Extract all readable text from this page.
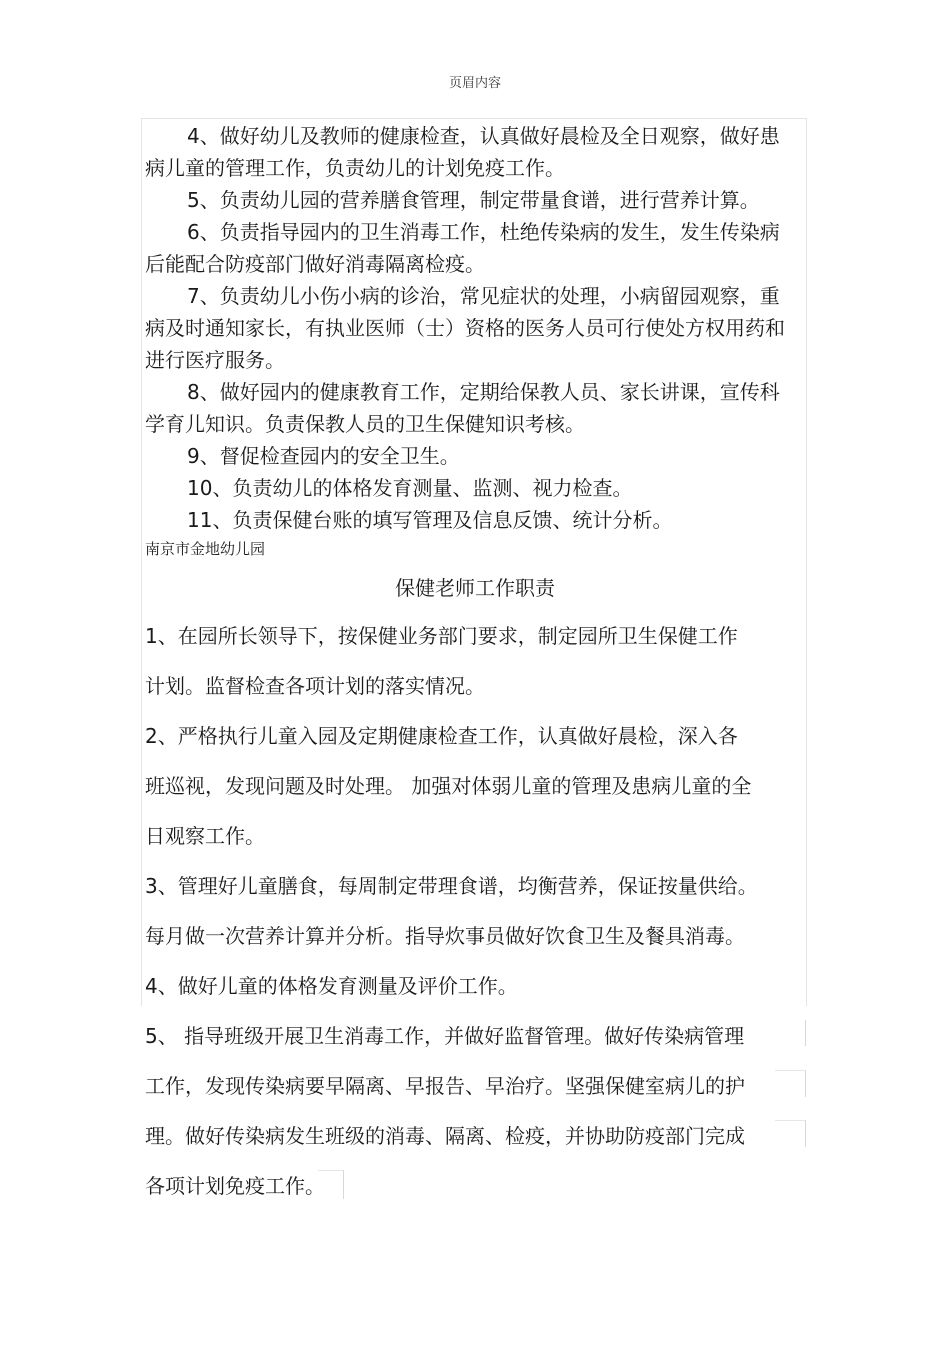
页眉内容

4、做好幼儿及教师的健康检查，认真做好晨检及全日观察，做好患病儿童的管理工作，负责幼儿的计划免疫工作。

5、负责幼儿园的营养膳食管理，制定带量食谱，进行营养计算。

6、负责指导园内的卫生消毒工作，杜绝传染病的发生，发生传染病后能配合防疫部门做好消毒隔离检疫。

7、负责幼儿小伤小病的诊治，常见症状的处理，小病留园观察，重病及时通知家长，有执业医师（士）资格的医务人员可行使处方权用药和进行医疗服务。

8、做好园内的健康教育工作，定期给保教人员、家长讲课，宣传科学育儿知识。负责保教人员的卫生保健知识考核。

9、督促检查园内的安全卫生。

10、负责幼儿的体格发育测量、监测、视力检查。

11、负责保健台账的填写管理及信息反馈、统计分析。

南京市金地幼儿园
保健老师工作职责
1、在园所长领导下，按保健业务部门要求，制定园所卫生保健工作
计划。监督检查各项计划的落实情况。
2、严格执行儿童入园及定期健康检查工作，认真做好晨检，深入各
班巡视，发现问题及时处理。 加强对体弱儿童的管理及患病儿童的全
日观察工作。
3、管理好儿童膳食，每周制定带理食谱，均衡营养，保证按量供给。
每月做一次营养计算并分析。指导炊事员做好饮食卫生及餐具消毒。
4、做好儿童的体格发育测量及评价工作。
5、 指导班级开展卫生消毒工作，并做好监督管理。做好传染病管理
工作，发现传染病要早隔离、早报告、早治疗。坚强保健室病儿的护
理。做好传染病发生班级的消毒、隔离、检疫，并协助防疫部门完成
各项计划免疫工作。
